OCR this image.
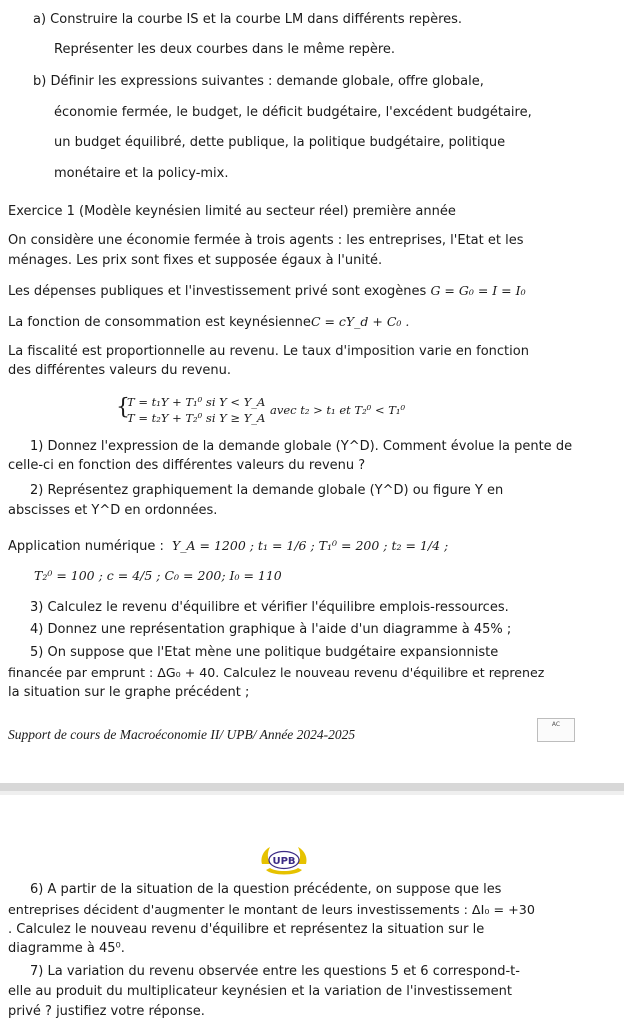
a) Construire la courbe IS et la courbe LM dans différents repères.
Représenter les deux courbes dans le même repère.
b) Définir les expressions suivantes : demande globale, offre globale,
économie fermée, le budget, le déficit budgétaire, l'excédent budgétaire,
un budget équilibré, dette publique, la politique budgétaire, politique
monétaire et la policy-mix.
Exercice 1 (Modèle keynésien limité au secteur réel) première année
On considère une économie fermée à trois agents : les entreprises, l'Etat et les
ménages. Les prix sont fixes et supposée égaux à l'unité.
Les dépenses publiques et l'investissement privé sont exogènes G = G₀ = I = I₀
La fonction de consommation est keynésienneC = cY_d + C₀ .
La fiscalité est proportionnelle au revenu. Le taux d'imposition varie en fonction
des différentes valeurs du revenu.
{
T = t₁Y + T₁⁰ si Y < Y_A
T = t₂Y + T₂⁰ si Y ≥ Y_A
avec t₂ > t₁ et T₂⁰ < T₁⁰
1) Donnez l'expression de la demande globale (Y^D). Comment évolue la pente de
celle-ci en fonction des différentes valeurs du revenu ?
2) Représentez graphiquement la demande globale (Y^D) ou figure Y en
abscisses et Y^D en ordonnées.
Application numérique : Y_A = 1200 ; t₁ = 1/6 ; T₁⁰ = 200 ; t₂ = 1/4 ;
T₂⁰ = 100 ; c = 4/5 ; C₀ = 200; I₀ = 110
3) Calculez le revenu d'équilibre et vérifier l'équilibre emplois-ressources.
4) Donnez une représentation graphique à l'aide d'un diagramme à 45% ;
5) On suppose que l'Etat mène une politique budgétaire expansionniste
financée par emprunt : ΔG₀ + 40. Calculez le nouveau revenu d'équilibre et reprenez
la situation sur le graphe précédent ;
Support de cours de Macroéconomie II/ UPB/ Année 2024-2025
AC
UPB
6) A partir de la situation de la question précédente, on suppose que les
entreprises décident d'augmenter le montant de leurs investissements : ΔI₀ = +30
. Calculez le nouveau revenu d'équilibre et représentez la situation sur le
diagramme à 45⁰.
7) La variation du revenu observée entre les questions 5 et 6 correspond-t-
elle au produit du multiplicateur keynésien et la variation de l'investissement
privé ? justifiez votre réponse.
